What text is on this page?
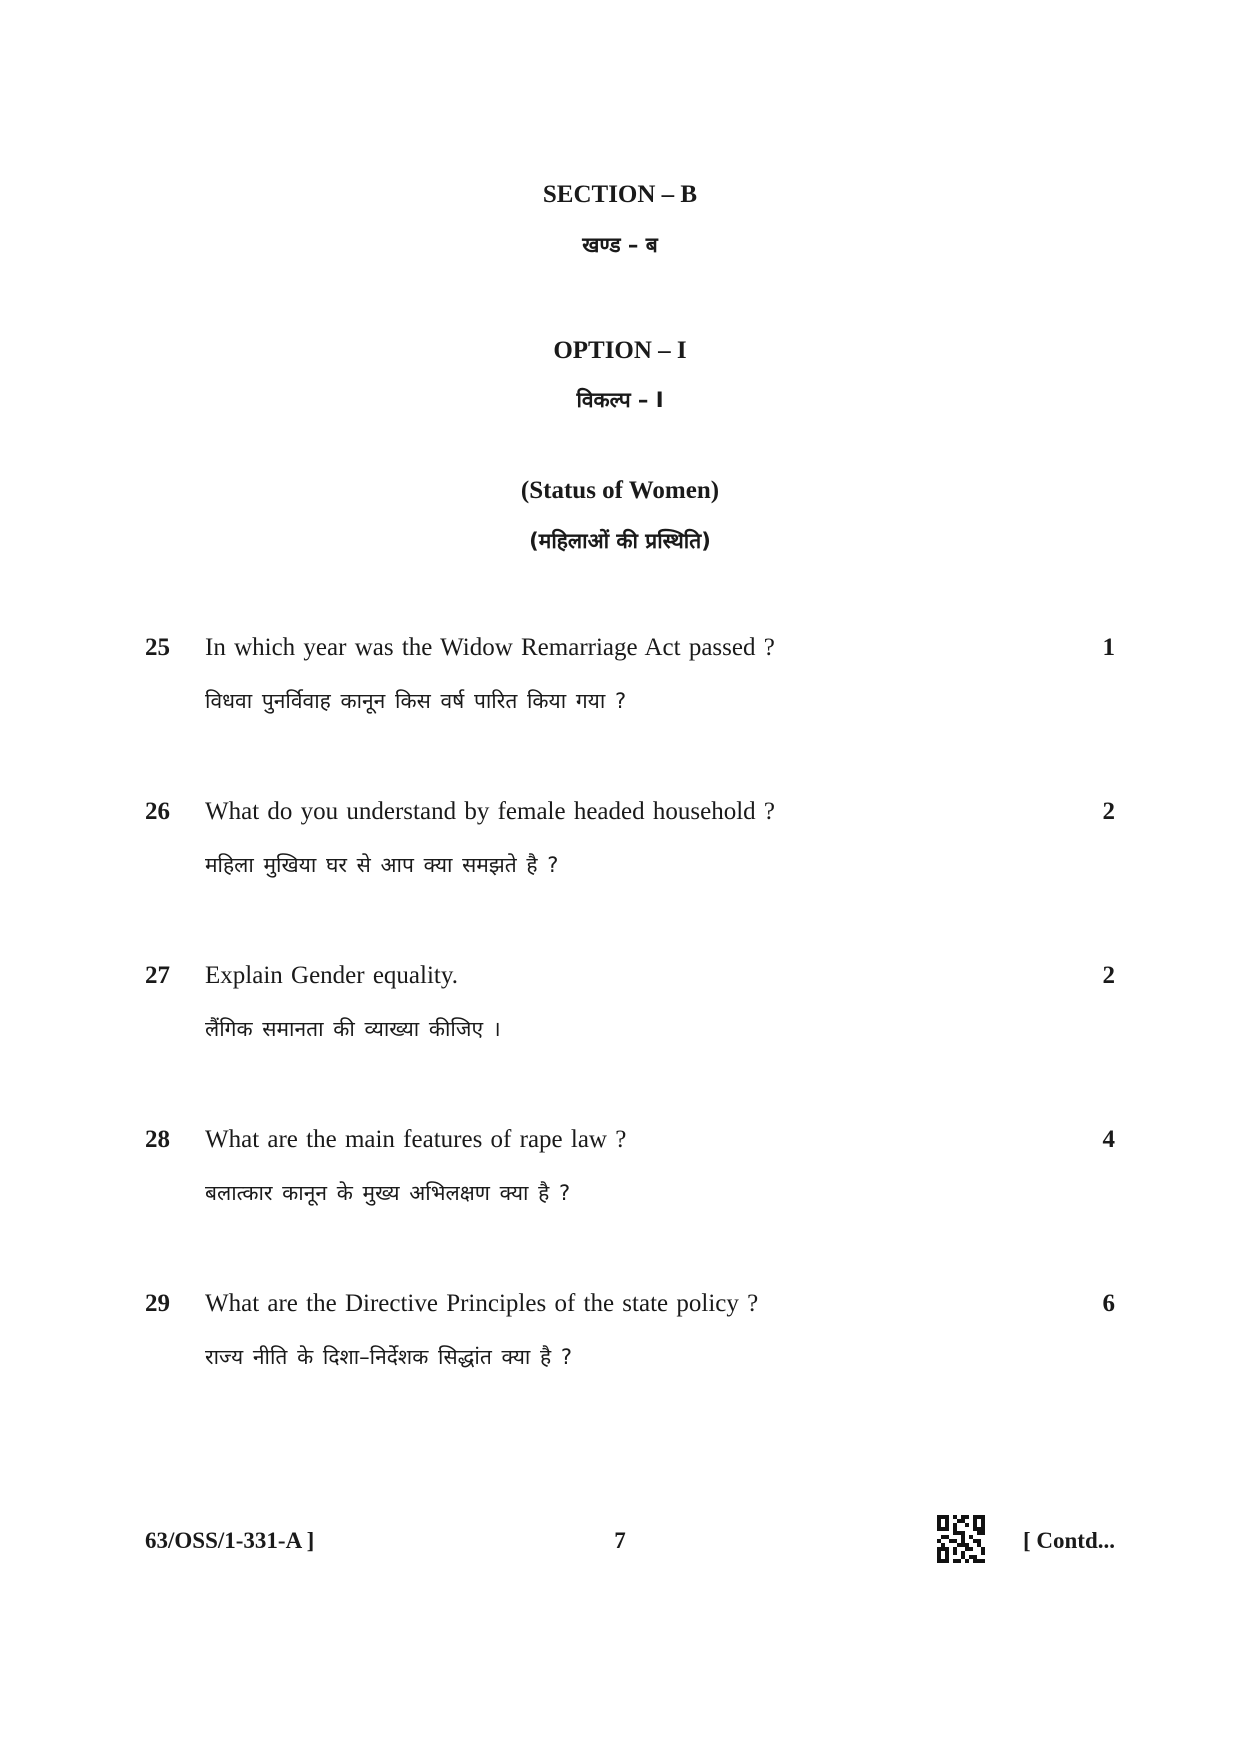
SECTION – B
खण्ड – ब
OPTION – I
विकल्प – I
(Status of Women)
(महिलाओं की प्रस्थिति)
25 In which year was the Widow Remarriage Act passed ?
विधवा पुनर्विवाह कानून किस वर्ष पारित किया गया ?
1
26 What do you understand by female headed household ?
महिला मुखिया घर से आप क्या समझते है ?
2
27 Explain Gender equality.
लैंगिक समानता की व्याख्या कीजिए ।
2
28 What are the main features of rape law ?
बलात्कार कानून के मुख्य अभिलक्षण क्या है ?
4
29 What are the Directive Principles of the state policy ?
राज्य नीति के दिशा–निर्देशक सिद्धांत क्या है ?
6
63/OSS/1-331-A ]	7	[ Contd...
